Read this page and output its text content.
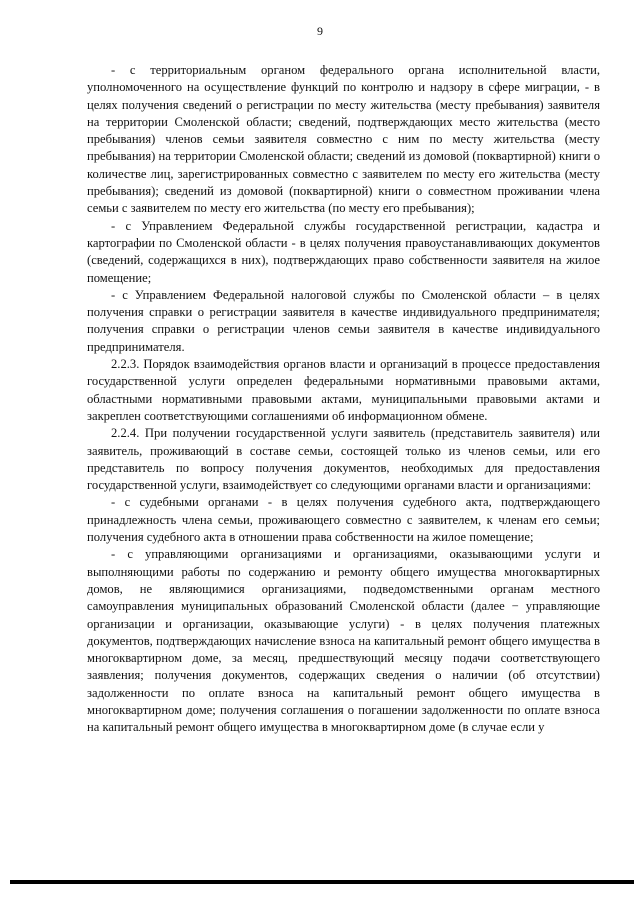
9

- с территориальным органом федерального органа исполнительной власти, уполномоченного на осуществление функций по контролю и надзору в сфере миграции, - в целях получения сведений о регистрации по месту жительства (месту пребывания) заявителя на территории Смоленской области; сведений, подтверждающих место жительства (место пребывания) членов семьи заявителя совместно с ним по месту жительства (месту пребывания) на территории Смоленской области; сведений из домовой (поквартирной) книги о количестве лиц, зарегистрированных совместно с заявителем по месту его жительства (месту пребывания); сведений из домовой (поквартирной) книги о совместном проживании члена семьи с заявителем по месту его жительства (по месту его пребывания);

- с Управлением Федеральной службы государственной регистрации, кадастра и картографии по Смоленской области - в целях получения правоустанавливающих документов (сведений, содержащихся в них), подтверждающих право собственности заявителя на жилое помещение;

- с Управлением Федеральной налоговой службы по Смоленской области – в целях получения справки о регистрации заявителя в качестве индивидуального предпринимателя; получения справки о регистрации членов семьи заявителя в качестве индивидуального предпринимателя.

2.2.3. Порядок взаимодействия органов власти и организаций в процессе предоставления государственной услуги определен федеральными нормативными правовыми актами, областными нормативными правовыми актами, муниципальными правовыми актами и закреплен соответствующими соглашениями об информационном обмене.

2.2.4. При получении государственной услуги заявитель (представитель заявителя) или заявитель, проживающий в составе семьи, состоящей только из членов семьи, или его представитель по вопросу получения документов, необходимых для предоставления государственной услуги, взаимодействует со следующими органами власти и организациями:

- с судебными органами - в целях получения судебного акта, подтверждающего принадлежность члена семьи, проживающего совместно с заявителем, к членам его семьи; получения судебного акта в отношении права собственности на жилое помещение;

- с управляющими организациями и организациями, оказывающими услуги и выполняющими работы по содержанию и ремонту общего имущества многоквартирных домов, не являющимися организациями, подведомственными органам местного самоуправления муниципальных образований Смоленской области (далее − управляющие организации и организации, оказывающие услуги) - в целях получения платежных документов, подтверждающих начисление взноса на капитальный ремонт общего имущества в многоквартирном доме, за месяц, предшествующий месяцу подачи соответствующего заявления; получения документов, содержащих сведения о наличии (об отсутствии) задолженности по оплате взноса на капитальный ремонт общего имущества в многоквартирном доме; получения соглашения о погашении задолженности по оплате взноса на капитальный ремонт общего имущества в многоквартирном доме (в случае если у
